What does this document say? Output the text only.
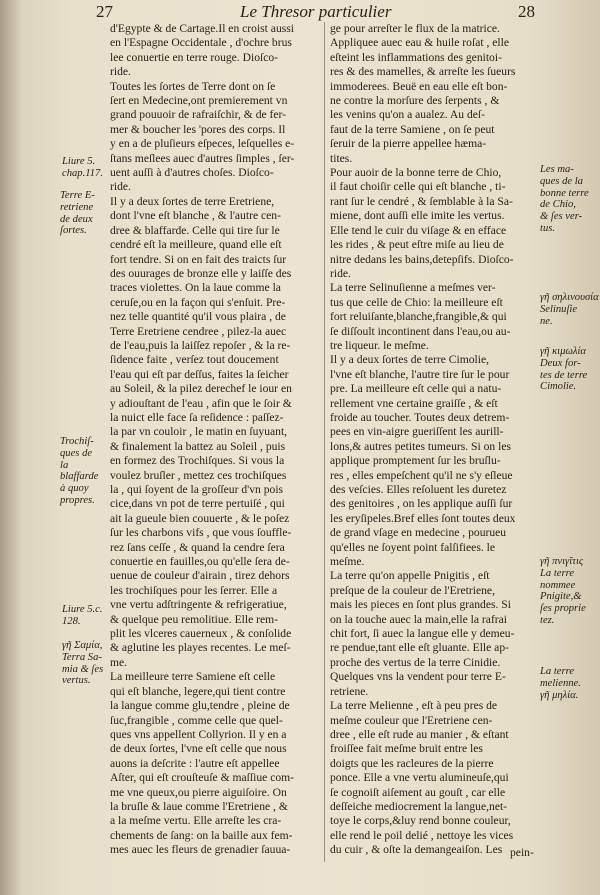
27	Le Thresor particulier	28

d'Egypte & de Cartage.Il en croist aussi

en l'Espagne Occidentale , d'ochre brus

lee conuertie en terre rouge. Dioſco-

ride.

Toutes les ſortes de Terre dont on ſe

ſert en Medecine,ont premierement vn

grand pouuoir de rafraiſchir, & de fer-

mer & boucher les 'pores des corps. Il

y en a de pluſieurs eſpeces, leſquelles e-

ſtans meſlees auec d'autres ſimples , ſer-

uent auſſi à d'autres choſes. Dioſco-

ride.

Il y a deux ſortes de terre Eretriene,

dont l'vne eſt blanche , & l'autre cen-

dree & blaffarde. Celle qui tire ſur le

cendré eſt la meilleure, quand elle eſt

fort tendre. Si on en fait des traicts ſur

des ouurages de bronze elle y laiſſe des

traces violettes. On la laue comme la

ceruſe,ou en la façon qui s'enſuit. Pre-

nez telle quantité qu'il vous plaira , de

Terre Eretriene cendree , pilez-la auec

de l'eau,puis la laiſſez repoſer , & la re-

ſidence faite , verſez tout doucement

l'eau qui eſt par deſſus, faites la ſeicher

au Soleil, & la pilez derechef le iour en

y adiouſtant de l'eau , afin que le ſoir &

la nuict elle face ſa reſidence : paſſez-

la par vn couloir , le matin en ſuyuant,

& finalement la battez au Soleil , puis

en formez des Trochiſques. Si vous la

voulez bruſler , mettez ces trochiſques

la , qui ſoyent de la groſſeur d'vn pois

cice,dans vn pot de terre pertuiſé , qui

ait la gueule bien couuerte , & le poſez

ſur les charbons vifs , que vous ſouffle-

rez ſans ceſſe , & quand la cendre ſera

conuertie en fauilles,ou qu'elle ſera de-

uenue de couleur d'airain , tirez dehors

les trochiſques pour les ſerrer. Elle a

vne vertu adſtringente & refrigeratiue,

& quelque peu remolitiue. Elle rem-

plit les vlceres cauerneux , & conſolide

& aglutine les playes recentes. Le meſ-

me.

La meilleure terre Samiene eſt celle

qui eſt blanche, legere,qui tient contre

la langue comme glu,tendre , pleine de

ſuc,frangible , comme celle que quel-

ques vns appellent Collyrion. Il y en a

de deux ſortes, l'vne eſt celle que nous

auons ia deſcrite : l'autre eſt appellee

Aſter, qui eſt crouſteuſe & maſſiue com-

me vne queux,ou pierre aiguiſoire. On

la bruſle & laue comme l'Eretriene , &

a la meſme vertu. Elle arreſte les cra-

chements de ſang: on la baille aux fem-

mes auec les fleurs de grenadier ſauua-

ge pour arreſter le flux de la matrice.

Appliquee auec eau & huile roſat , elle

eſteint les inflammations des genitoi-

res & des mamelles, & arreſte les ſueurs

immoderees. Beuë en eau elle eſt bon-

ne contre la morſure des ſerpents , &

les venins qu'on a aualez. Au deſ-

faut de la terre Samiene , on ſe peut

ſeruir de la pierre appellee hæma-

tites.

Pour auoir de la bonne terre de Chio,

il faut choiſir celle qui eſt blanche , ti-

rant ſur le cendré , & ſemblable à la Sa-

miene, dont auſſi elle imite les vertus.

Elle tend le cuir du viſage & en efface

les rides , & peut eſtre miſe au lieu de

nitre dedans les bains,detерſifs. Dioſco-

ride.

La terre Selinuſienne a meſmes ver-

tus que celle de Chio: la meilleure eſt

fort reluiſante,blanche,frangible,& qui

ſe diſſoult incontinent dans l'eau,ou au-

tre liqueur. le meſme.

Il y a deux ſortes de terre Cimolie,

l'vne eſt blanche, l'autre tire ſur le pour

pre. La meilleure eſt celle qui a natu-

rellement vne certaine graiſſe , & eſt

froide au toucher. Toutes deux detrem-

pees en vin-aigre gueriſſent les aurill-

lons,& autres petites tumeurs. Si on les

applique promptement ſur les bruſlu-

res , elles empeſchent qu'il ne s'y eſleue

des veſcies. Elles reſoluent les duretez

des genitoires , on les applique auſſi ſur

les eryſipeles.Bref elles ſont toutes deux

de grand vſage en medecine , pourueu

qu'elles ne ſoyent point falſifiees. le

meſme.

La terre qu'on appelle Pnigitis , eſt

preſque de la couleur de l'Eretriene,

mais les pieces en ſont plus grandes. Si

on la touche auec la main,elle la rafrai

chit fort, ſi auec la langue elle y demeu-

re pendue,tant elle eſt gluante. Elle ap-

proche des vertus de la terre Cinidie.

Quelques vns la vendent pour terre E-

retriene.

La terre Melienne , eſt à peu pres de

meſme couleur que l'Eretriene cen-

dree , elle eſt rude au manier , & eſtant

froiſſee fait meſme bruit entre les

doigts que les racleures de la pierre

ponce. Elle a vne vertu alumineuſe,qui

ſe cognoiſt aiſement au gouſt , car elle

deſſeiche mediocrement la langue,net-

toye le corps,&luy rend bonne couleur,

elle rend le poil delié , nettoye les vices

du cuir , & oſte la demangeaiſon. Les

Liure 5.
chap.117.
Terre E-
retriene
de deux
ſortes.
Trochiſ-
ques de
la
blaffarde
à quoy
propres.
Liure 5.c.
128.
γῆ Σαμία,
Terra Sa-
mia & ſes
vertus.
Les ma-
ques de la
bonne terre
de Chio,
& ſes ver-
tus.
γῆ σηλινουσία
Selinuſie
ne.
γῆ κιμωλία
Deux for-
tes de terre
Cimolie.
γῆ πνιγῖτις
La terre
nommee
Pnigite,&
ſes proprie
tez.
La terre
melienne.
γῆ μηλία.
pein-
